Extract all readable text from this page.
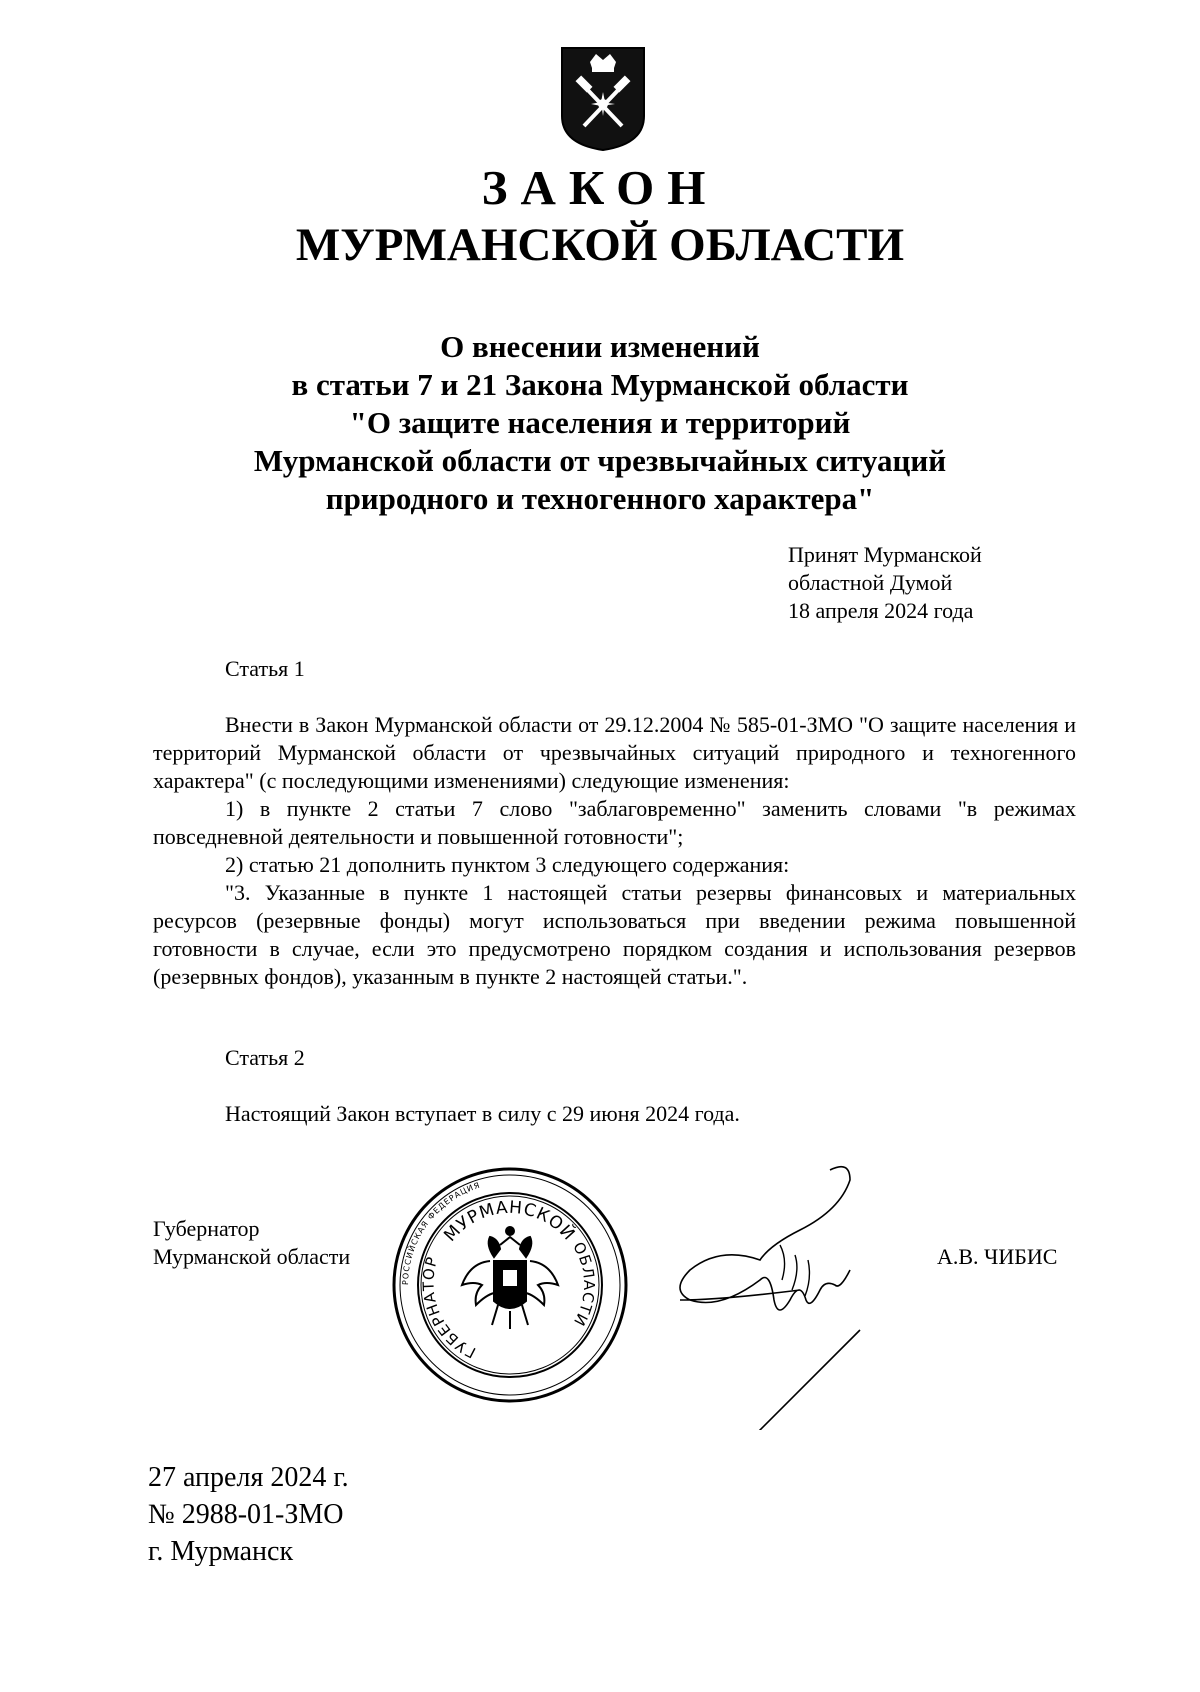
ЗАКОН
МУРМАНСКОЙ ОБЛАСТИ
О внесении изменений
в статьи 7 и 21 Закона Мурманской области
"О защите населения и территорий
Мурманской области от чрезвычайных ситуаций
природного и техногенного характера"
Принят Мурманской
областной Думой
18 апреля 2024 года
Статья 1

Внести в Закон Мурманской области от 29.12.2004 № 585-01-ЗМО "О защите населения и территорий Мурманской области от чрезвычайных ситуаций природного и техногенного характера" (с последующими изменениями) следующие изменения:

1) в пункте 2 статьи 7 слово "заблаговременно" заменить словами "в режимах повседневной деятельности и повышенной готовности";

2) статью 21 дополнить пунктом 3 следующего содержания:

"3. Указанные в пункте 1 настоящей статьи резервы финансовых и материальных ресурсов (резервные фонды) могут использоваться при введении режима повышенной готовности в случае, если это предусмотрено порядком создания и использования резервов (резервных фондов), указанным в пункте 2 настоящей статьи.".

Статья 2

Настоящий Закон вступает в силу с 29 июня 2024 года.

Губернатор
Мурманской области
РОССИЙСКАЯ ФЕДЕРАЦИЯ
МУРМАНСКОЙ
ОБЛАСТИ
ГУБЕРНАТОР	А.В. ЧИБИС
27 апреля 2024 г.
№ 2988-01-ЗМО
г. Мурманск
